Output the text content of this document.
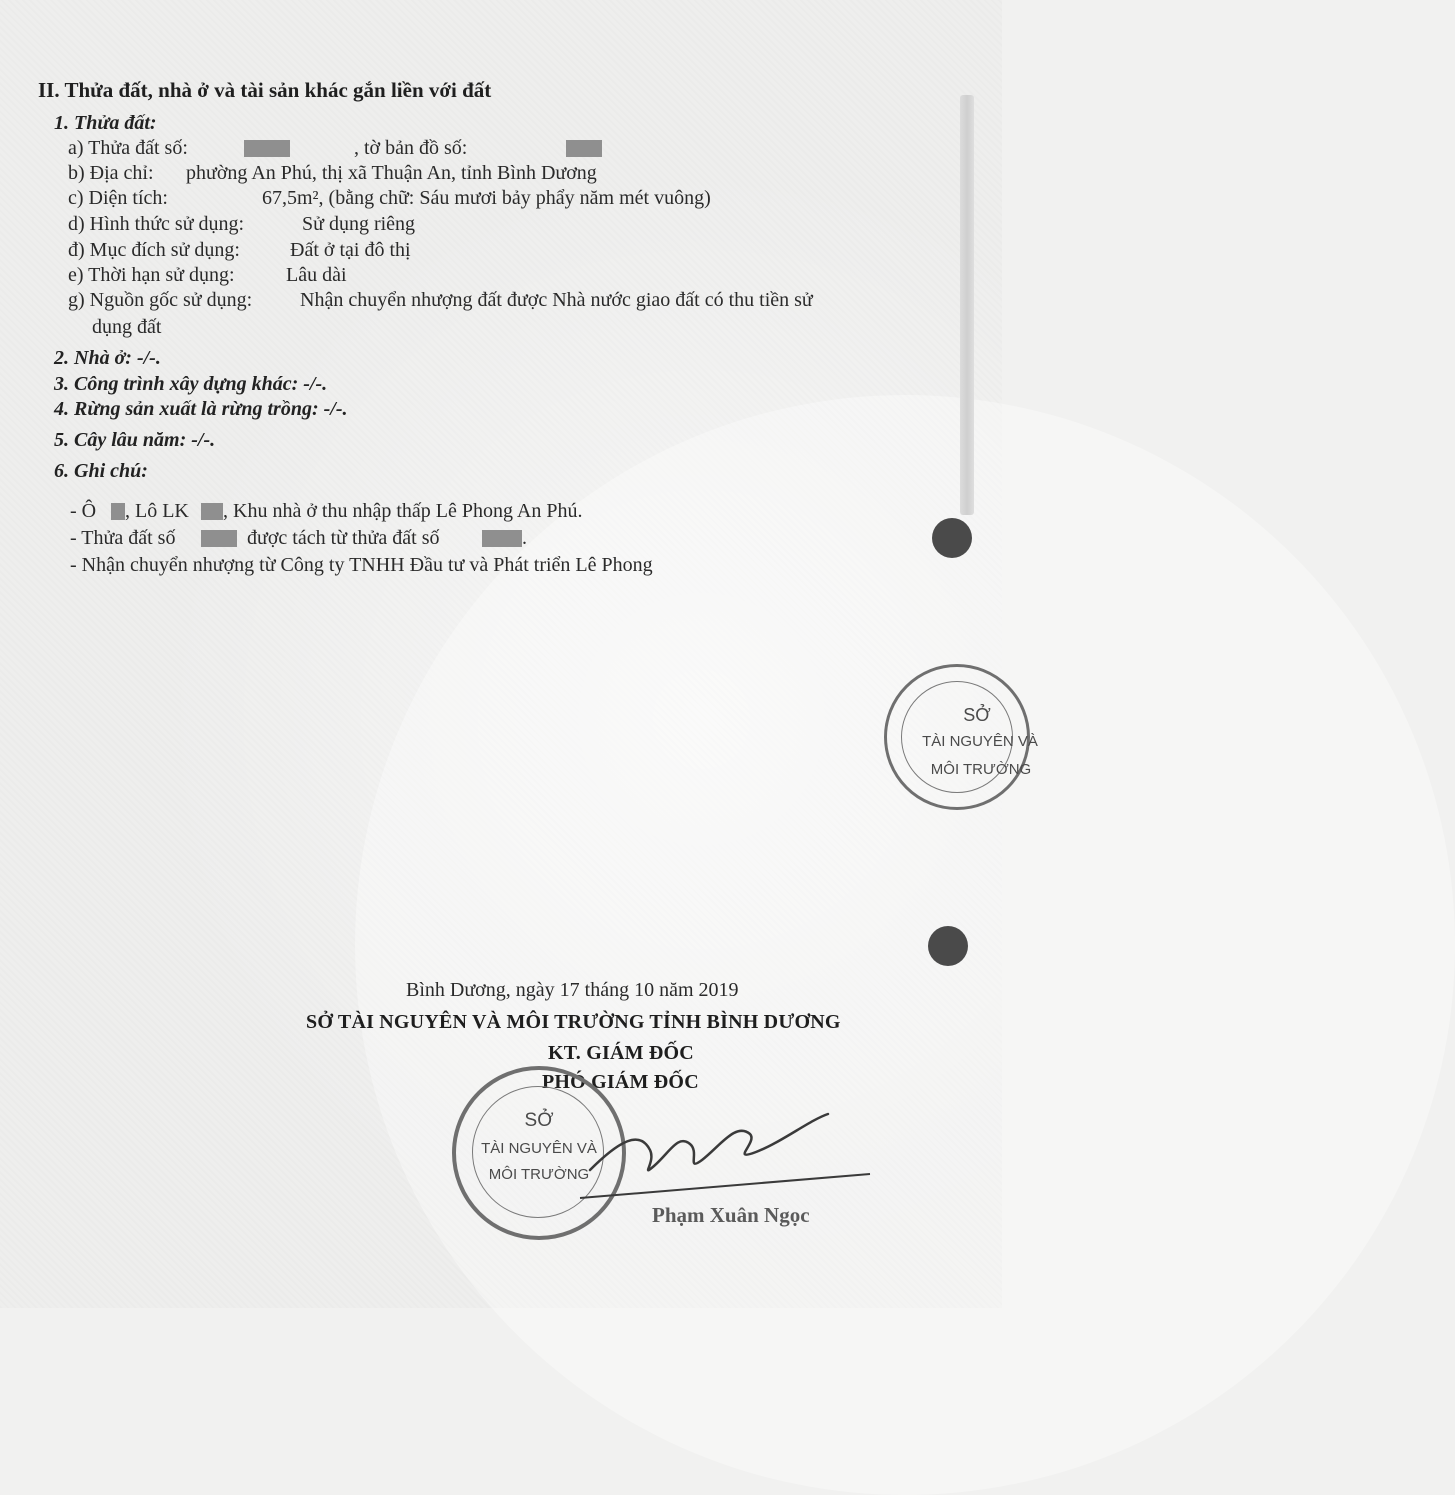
II. Thửa đất, nhà ở và tài sản khác gắn liền với đất
1. Thửa đất:
a) Thửa đất số:	, tờ bản đồ số:
b) Địa chỉ: phường An Phú, thị xã Thuận An, tỉnh Bình Dương
c) Diện tích:	67,5m², (bằng chữ: Sáu mươi bảy phẩy năm mét vuông)
d) Hình thức sử dụng:	Sử dụng riêng
đ) Mục đích sử dụng:	Đất ở tại đô thị
e) Thời hạn sử dụng:	Lâu dài
g) Nguồn gốc sử dụng: Nhận chuyển nhượng đất được Nhà nước giao đất có thu tiền sử
dụng đất
2. Nhà ở: -/-.
3. Công trình xây dựng khác: -/-.
4. Rừng sản xuất là rừng trồng: -/-.
5. Cây lâu năm: -/-.
6. Ghi chú:
- Ô , Lô LK , Khu nhà ở thu nhập thấp Lê Phong An Phú.
- Thửa đất số	được tách từ thửa đất số	.
- Nhận chuyển nhượng từ Công ty TNHH Đầu tư và Phát triển Lê Phong
SỞ
TÀI NGUYÊN VÀ
MÔI TRƯỜNG
Bình Dương, ngày 17 tháng 10 năm 2019
SỞ TÀI NGUYÊN VÀ MÔI TRƯỜNG TỈNH BÌNH DƯƠNG
KT. GIÁM ĐỐC
PHÓ GIÁM ĐỐC
SỞ
TÀI NGUYÊN VÀ
MÔI TRƯỜNG
Phạm Xuân Ngọc
